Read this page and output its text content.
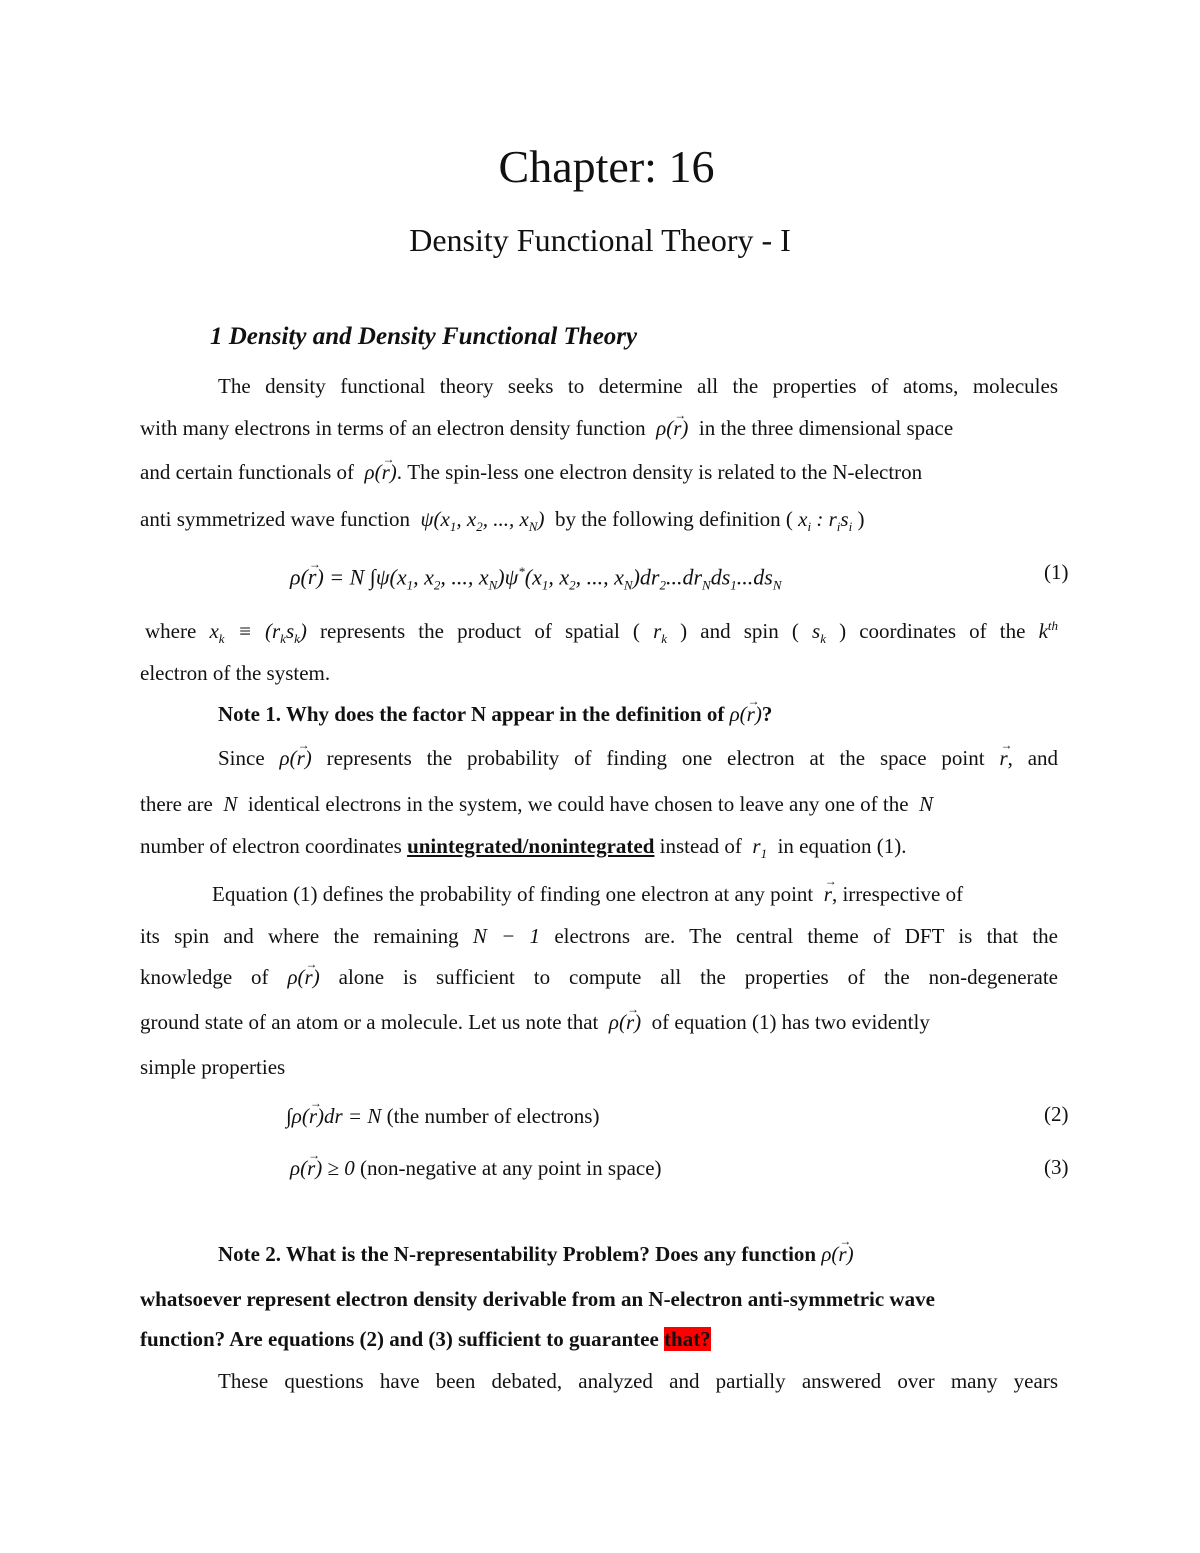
Chapter: 16
Density Functional Theory - I
1 Density and Density Functional Theory
The density functional theory seeks to determine all the properties of atoms, molecules
with many electrons in terms of an electron density function  ρ(r →)  in the three dimensional space
and certain functionals of  ρ(r →). The spin-less one electron density is related to the N-electron
anti symmetrized wave function  $\psi(x_1$, $x_2$, ..., $x_N$)  by the following definition ( $x_i$ : $r_is_i$ )
ρ(r →) = N $\int\psi(x_1$, $x_2$, ..., $x_N)\psi^*(x_1$, $x_2$, ..., $x_N)dr_2...dr_Nds_1...ds_N$
(1)
where $x_k \equiv (r_ks_k)$ represents the product of spatial ( $r_k$ ) and spin ( $s_k$ ) coordinates of the $k^{th}$
electron of the system.
Note 1. Why does the factor N appear in the definition of ρ(r →)?
Since ρ(r →) represents the probability of finding one electron at the space point r →, and
there are  N  identical electrons in the system, we could have chosen to leave any one of the  N
number of electron coordinates unintegrated/nonintegrated instead of  $r_1$ in equation (1).
Equation (1) defines the probability of finding one electron at any point r →, irrespective of
its spin and where the remaining N − 1 electrons are. The central theme of DFT is that the
knowledge of ρ(r →) alone is sufficient to compute all the properties of the non-degenerate
ground state of an atom or a molecule. Let us note that  ρ(r →)  of equation (1) has two evidently
simple properties
∫ρ(r →)dr = N (the number of electrons)	(2)
ρ(r →) ≥ 0 (non-negative at any point in space)	(3)
Note 2. What is the N-representability Problem? Does any function ρ(r →)
whatsoever represent electron density derivable from an N-electron anti-symmetric wave
function? Are equations (2) and (3) sufficient to guarantee that?
These questions have been debated, analyzed and partially answered over many years
